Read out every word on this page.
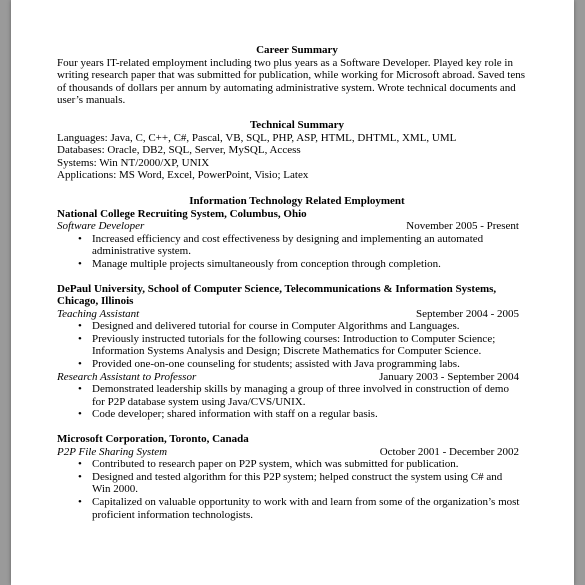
Career Summary
Four years IT-related employment including two plus years as a Software Developer. Played key role in
writing research paper that was submitted for publication, while working for Microsoft abroad. Saved tens
of thousands of dollars per annum by automating administrative system. Wrote technical documents and
user’s manuals.
Technical Summary
Languages: Java, C, C++, C#, Pascal, VB, SQL, PHP, ASP, HTML, DHTML, XML, UML
Databases: Oracle, DB2, SQL, Server, MySQL, Access
Systems: Win NT/2000/XP, UNIX
Applications: MS Word, Excel, PowerPoint, Visio; Latex
Information Technology Related Employment
National College Recruiting System, Columbus, Ohio
Software Developer	November 2005 - Present
• Increased efficiency and cost effectiveness by designing and implementing an automated
administrative system.
• Manage multiple projects simultaneously from conception through completion.
DePaul University, School of Computer Science, Telecommunications & Information Systems,
Chicago, Illinois
Teaching Assistant	September 2004 - 2005
• Designed and delivered tutorial for course in Computer Algorithms and Languages.
• Previously instructed tutorials for the following courses: Introduction to Computer Science;
Information Systems Analysis and Design; Discrete Mathematics for Computer Science.
• Provided one-on-one counseling for students; assisted with Java programming labs.
Research Assistant to Professor	January 2003 - September 2004
• Demonstrated leadership skills by managing a group of three involved in construction of demo
for P2P database system using Java/CVS/UNIX.
• Code developer; shared information with staff on a regular basis.
Microsoft Corporation, Toronto, Canada
P2P File Sharing System	October 2001 - December 2002
• Contributed to research paper on P2P system, which was submitted for publication.
• Designed and tested algorithm for this P2P system; helped construct the system using C# and
Win 2000.
• Capitalized on valuable opportunity to work with and learn from some of the organization’s most
proficient information technologists.
